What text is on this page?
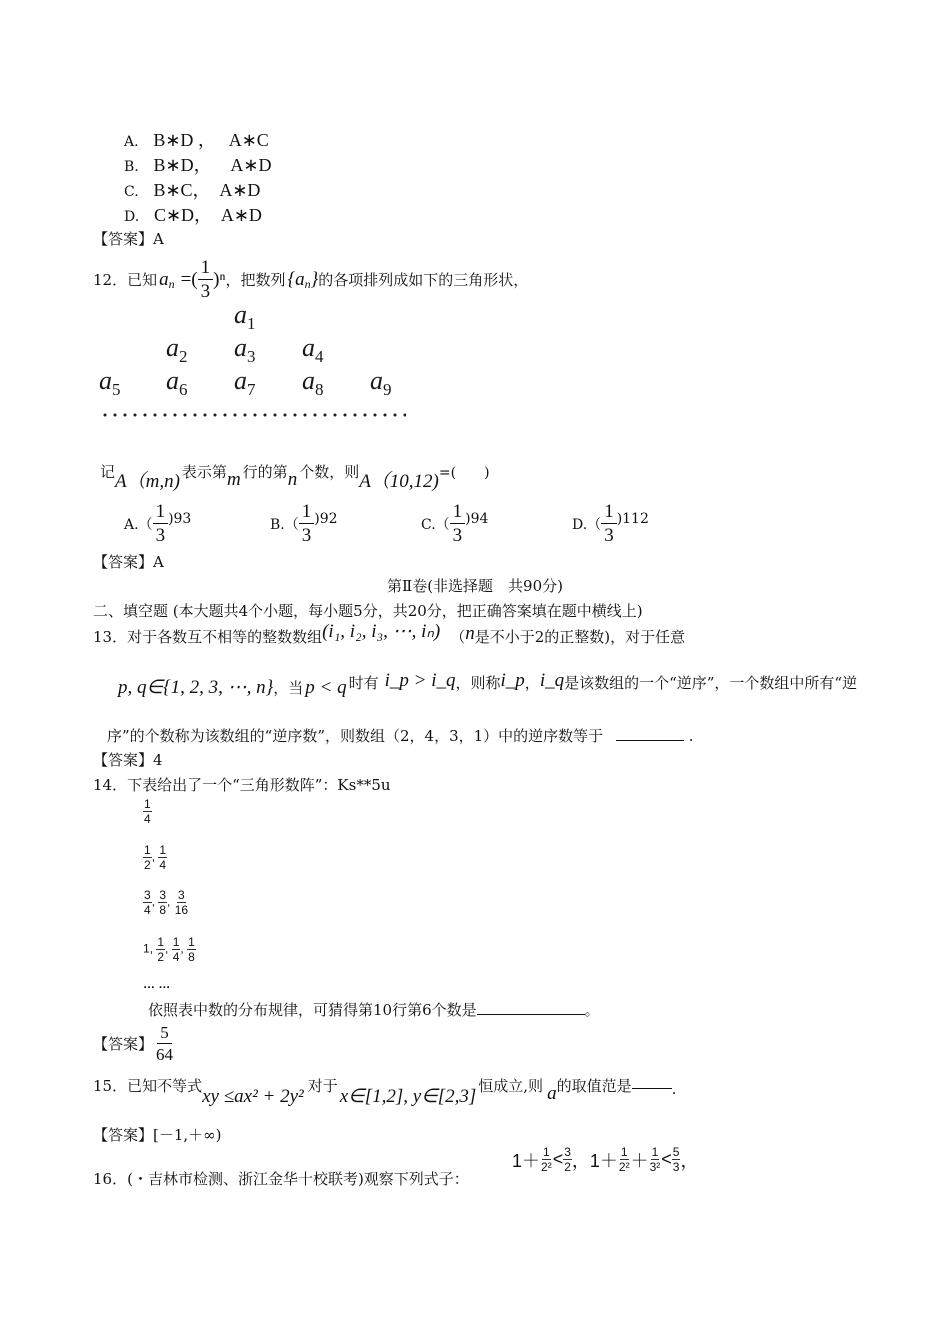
A. B∗D ， A∗C
B. B∗D， A∗D
C. B∗C， A∗D
D. C∗D， A∗D
【答案】A
12．已知 a n =( $\frac{1}{3} )^n$ ，把数列 {a n } 的各项排列成如下的三角形状，
$a_1$
$a_2$ $a_3$ $a_4$
$a_5$ $a_6$ $a_7$ $a_8$ $a_9$
记 A（m,n) 表示第 m 行的第 n 个数，则 A（10,12) =(　　)
$A.( \frac{1}{3} )93$	$B.( \frac{1}{3} )92$	$C.( \frac{1}{3} )94$	$D.( \frac{1}{3} )112$
【答案】A
第Ⅱ卷(非选择题　共90分)
二、填空题 (本大题共4个小题，每小题5分，共20分，把正确答案填在题中横线上)
13．对于各数互不相等的整数数组 (i₁, i₂, i₃, ⋯, iₙ) （ n 是不小于2的正整数)，对于任意
p, q∈{1, 2, 3, ⋯, n} ，当 p < q 时有 i_p > i_q ，则称 i_p ， i_q 是该数组的一个“逆序”，一个数组中所有“逆
序”的个数称为该数组的“逆序数”，则数组（2，4，3，1）中的逆序数等于	.
【答案】4
14．下表给出了一个“三角形数阵”：Ks**5u
$\frac{1}{4}$
$\frac{1}{2}$ , $\frac{1}{4}$
$\frac{3}{4}$ , $\frac{3}{8}$ , $\frac{3}{16}$
1, $\frac{1}{2}$ , $\frac{1}{4}$ , $\frac{1}{8}$
… …
依照表中数的分布规律，可猜得第10行第6个数是	。
【答案】 $\frac{5}{64}$
15．已知不等式 xy ≤ax² + 2y² 对于 x∈[1,2], y∈[2,3] 恒成立,则 a 的取值范是	.
【答案】[－1,＋∞)
16．(・吉林市检测、浙江金华十校联考)观察下列式子：
$1+ \frac{1}{\text{2²}} < \frac{3}{2}$ ， $1+ \frac{1}{\text{2²}} + \frac{1}{\text{3²}} < \frac{5}{3}$ ，
